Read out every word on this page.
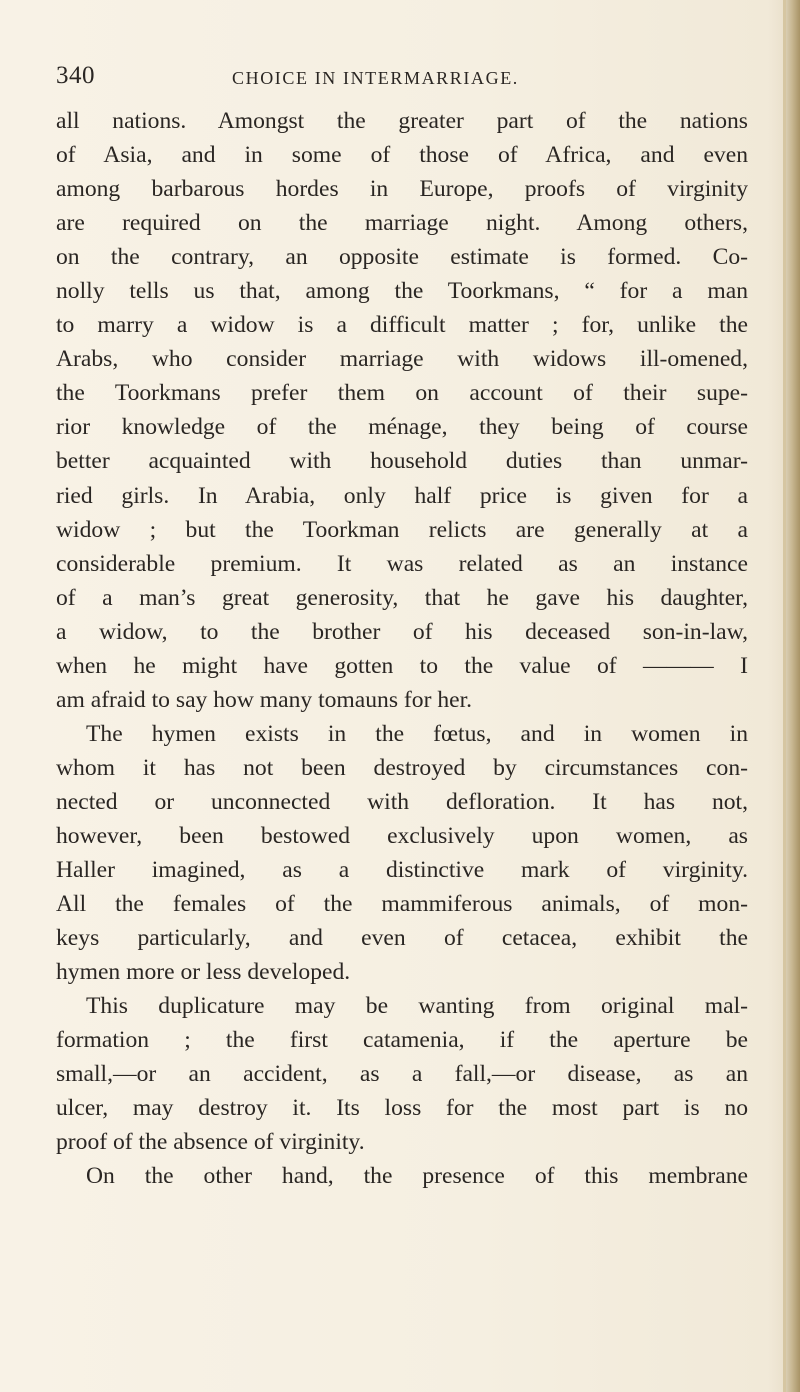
340	CHOICE IN INTERMARRIAGE.
all nations. Amongst the greater part of the nations
of Asia, and in some of those of Africa, and even
among barbarous hordes in Europe, proofs of virginity
are required on the marriage night. Among others,
on the contrary, an opposite estimate is formed. Co-
nolly tells us that, among the Toorkmans, “ for a man
to marry a widow is a difficult matter ; for, unlike the
Arabs, who consider marriage with widows ill-omened,
the Toorkmans prefer them on account of their supe-
rior knowledge of the ménage, they being of course
better acquainted with household duties than unmar-
ried girls. In Arabia, only half price is given for a
widow ; but the Toorkman relicts are generally at a
considerable premium. It was related as an instance
of a man’s great generosity, that he gave his daughter,
a widow, to the brother of his deceased son-in-law,
when he might have gotten to the value of ——— I
am afraid to say how many tomauns for her.
The hymen exists in the fœtus, and in women in
whom it has not been destroyed by circumstances con-
nected or unconnected with defloration. It has not,
however, been bestowed exclusively upon women, as
Haller imagined, as a distinctive mark of virginity.
All the females of the mammiferous animals, of mon-
keys particularly, and even of cetacea, exhibit the
hymen more or less developed.
This duplicature may be wanting from original mal-
formation ; the first catamenia, if the aperture be
small,—or an accident, as a fall,—or disease, as an
ulcer, may destroy it. Its loss for the most part is no
proof of the absence of virginity.
On the other hand, the presence of this membrane
